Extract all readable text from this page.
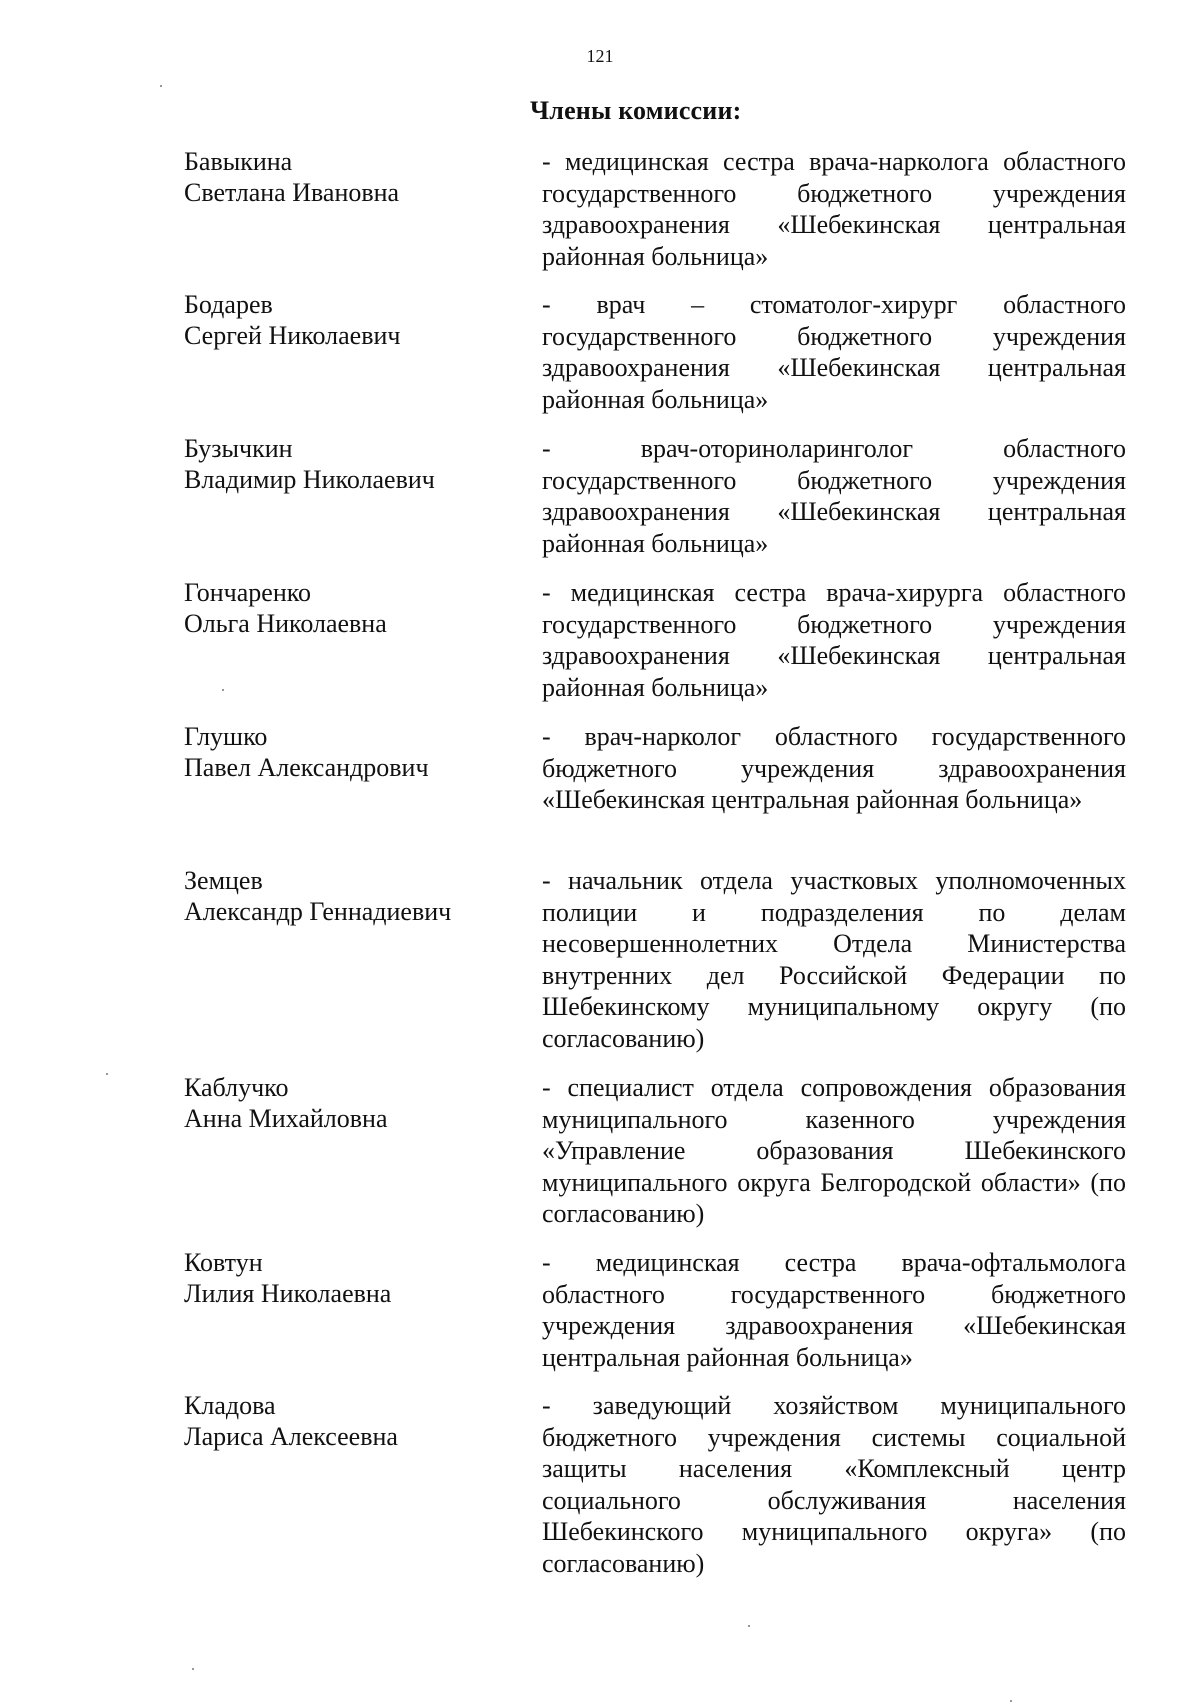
121
Члены комиссии:
Бавыкина
Светлана Ивановна
- медицинская сестра врача-нарколога областного государственного бюджетного учреждения здравоохранения «Шебекинская центральная районная больница»
Бодарев
Сергей Николаевич
- врач – стоматолог-хирург областного государственного бюджетного учреждения здравоохранения «Шебекинская центральная районная больница»
Бузычкин
Владимир Николаевич
- врач-оториноларинголог областного государственного бюджетного учреждения здравоохранения «Шебекинская центральная районная больница»
Гончаренко
Ольга Николаевна
- медицинская сестра врача-хирурга областного государственного бюджетного учреждения здравоохранения «Шебекинская центральная районная больница»
Глушко
Павел Александрович
- врач-нарколог областного государственного бюджетного учреждения здравоохранения «Шебекинская центральная районная больница»
Земцев
Александр Геннадиевич
- начальник отдела участковых уполномоченных полиции и подразделения по делам несовершеннолетних Отдела Министерства внутренних дел Российской Федерации по Шебекинскому муниципальному округу (по согласованию)
Каблучко
Анна Михайловна
- специалист отдела сопровождения образования муниципального казенного учреждения «Управление образования Шебекинского муниципального округа Белгородской области» (по согласованию)
Ковтун
Лилия Николаевна
- медицинская сестра врача-офтальмолога областного государственного бюджетного учреждения здравоохранения «Шебекинская центральная районная больница»
Кладова
Лариса Алексеевна
- заведующий хозяйством муниципального бюджетного учреждения системы социальной защиты населения «Комплексный центр социального обслуживания населения Шебекинского муниципального округа» (по согласованию)
